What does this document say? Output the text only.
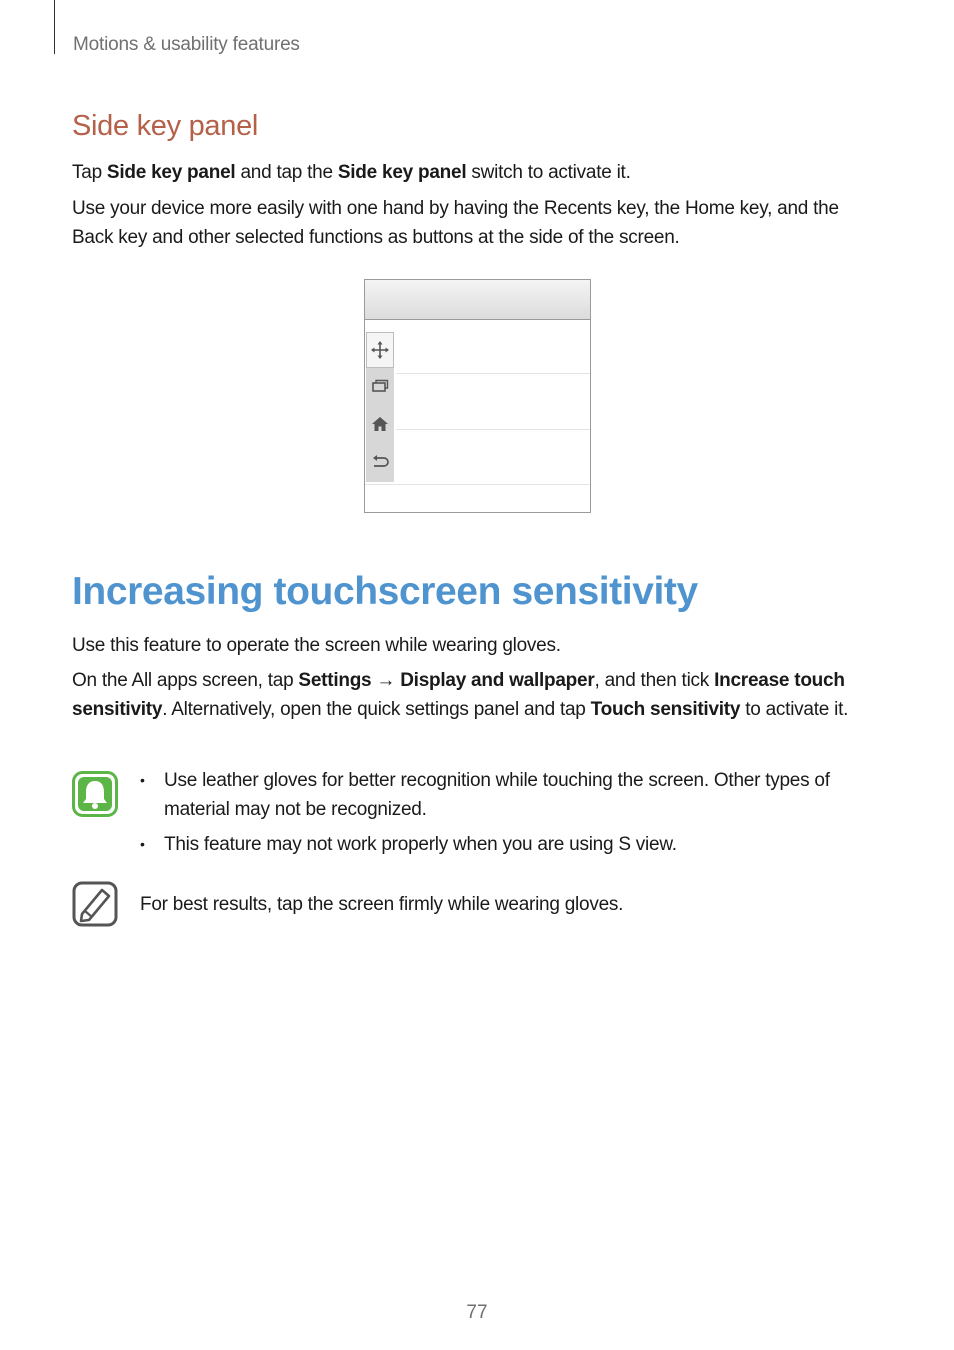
Motions & usability features
Side key panel

Tap Side key panel and tap the Side key panel switch to activate it.

Use your device more easily with one hand by having the Recents key, the Home key, and the Back key and other selected functions as buttons at the side of the screen.

Increasing touchscreen sensitivity

Use this feature to operate the screen while wearing gloves.

On the All apps screen, tap Settings → Display and wallpaper, and then tick Increase touch sensitivity. Alternatively, open the quick settings panel and tap Touch sensitivity to activate it.

• Use leather gloves for better recognition while touching the screen. Other types of material may not be recognized.
• This feature may not work properly when you are using S view.
For best results, tap the screen firmly while wearing gloves.
77
